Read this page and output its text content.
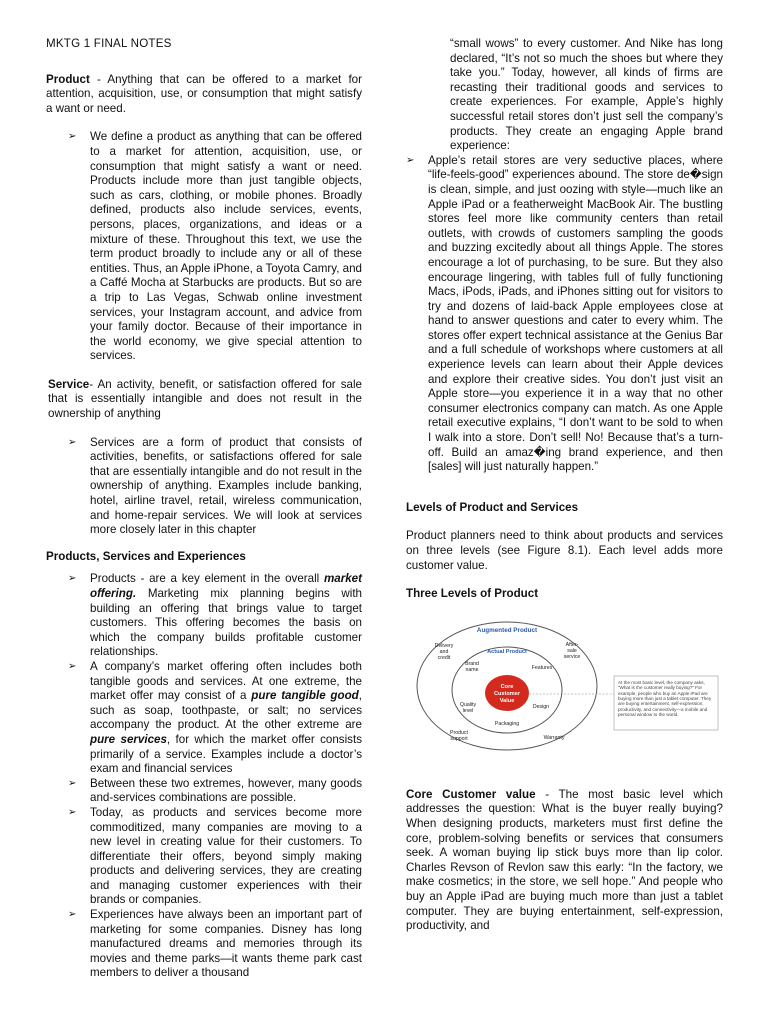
MKTG 1 FINAL NOTES

Product - Anything that can be offered to a market for attention, acquisition, use, or consumption that might satisfy a want or need.

➢ We define a product as anything that can be offered to a market for attention, acquisition, use, or consumption that might satisfy a want or need. Products include more than just tangible objects, such as cars, clothing, or mobile phones. Broadly defined, products also include services, events, persons, places, organizations, and ideas or a mixture of these. Throughout this text, we use the term product broadly to include any or all of these entities. Thus, an Apple iPhone, a Toyota Camry, and a Caffé Mocha at Starbucks are products. But so are a trip to Las Vegas, Schwab online investment services, your Instagram account, and advice from your family doctor. Because of their importance in the world economy, we give special attention to services.

Service- An activity, benefit, or satisfaction offered for sale that is essentially intangible and does not result in the ownership of anything

➢ Services are a form of product that consists of activities, benefits, or satisfactions offered for sale that are essentially intangible and do not result in the ownership of anything. Examples include banking, hotel, airline travel, retail, wireless communication, and home-repair services. We will look at services more closely later in this chapter

Products, Services and Experiences

➢ Products - are a key element in the overall market offering. Marketing mix planning begins with building an offering that brings value to target customers. This offering becomes the basis on which the company builds profitable customer relationships.
➢ A company’s market offering often includes both tangible goods and services. At one extreme, the market offer may consist of a pure tangible good, such as soap, toothpaste, or salt; no services accompany the product. At the other extreme are pure services, for which the market offer consists primarily of a service. Examples include a doctor’s exam and financial services
➢ Between these two extremes, however, many goods and-services combinations are possible.
➢ Today, as products and services become more commoditized, many companies are moving to a new level in creating value for their customers. To differentiate their offers, beyond simply making products and delivering services, they are creating and managing customer experiences with their brands or companies.
➢ Experiences have always been an important part of marketing for some companies. Disney has long manufactured dreams and memories through its movies and theme parks—it wants theme park cast members to deliver a thousand
“small wows” to every customer. And Nike has long declared, “It’s not so much the shoes but where they take you.” Today, however, all kinds of firms are recasting their traditional goods and services to create experiences. For example, Apple’s highly successful retail stores don’t just sell the company’s products. They create an engaging Apple brand experience:
➢ Apple’s retail stores are very seductive places, where “life-feels-good” experiences abound. The store de�sign is clean, simple, and just oozing with style—much like an Apple iPad or a featherweight MacBook Air. The bustling stores feel more like community centers than retail outlets, with crowds of customers sampling the goods and buzzing excitedly about all things Apple. The stores encourage a lot of purchasing, to be sure. But they also encourage lingering, with tables full of fully functioning Macs, iPods, iPads, and iPhones sitting out for visitors to try and dozens of laid-back Apple employees close at hand to answer questions and cater to every whim. The stores offer expert technical assistance at the Genius Bar and a full schedule of workshops where customers at all experience levels can learn about their Apple devices and explore their creative sides. You don’t just visit an Apple store—you experience it in a way that no other consumer electronics company can match. As one Apple retail executive explains, “I don’t want to be sold to when I walk into a store. Don’t sell! No! Because that’s a turn-off. Build an amaz�ing brand experience, and then [sales] will just naturally happen.”

Levels of Product and Services

Product planners need to think about products and services on three levels (see Figure 8.1). Each level adds more customer value.

Three Levels of Product

Augmented Product
Actual Product
Core
Customer
Value
Delivery
and
credit
After-
sale
service
Brand
name	Features
Quality
level
Design
Packaging
Product
support	Warranty
At the most basic level, the company asks, “What is the customer really buying?” For example, people who buy an Apple iPad are buying more than just a tablet computer. They are buying entertainment, self-expression, productivity, and connectivity—a mobile and personal window to the world.

Core Customer value - The most basic level which addresses the question: What is the buyer really buying? When designing products, marketers must first define the core, problem-solving benefits or services that consumers seek. A woman buying lip stick buys more than lip color. Charles Revson of Revlon saw this early: “In the factory, we make cosmetics; in the store, we sell hope.” And people who buy an Apple iPad are buying much more than just a tablet computer. They are buying entertainment, self-expression, productivity, and
